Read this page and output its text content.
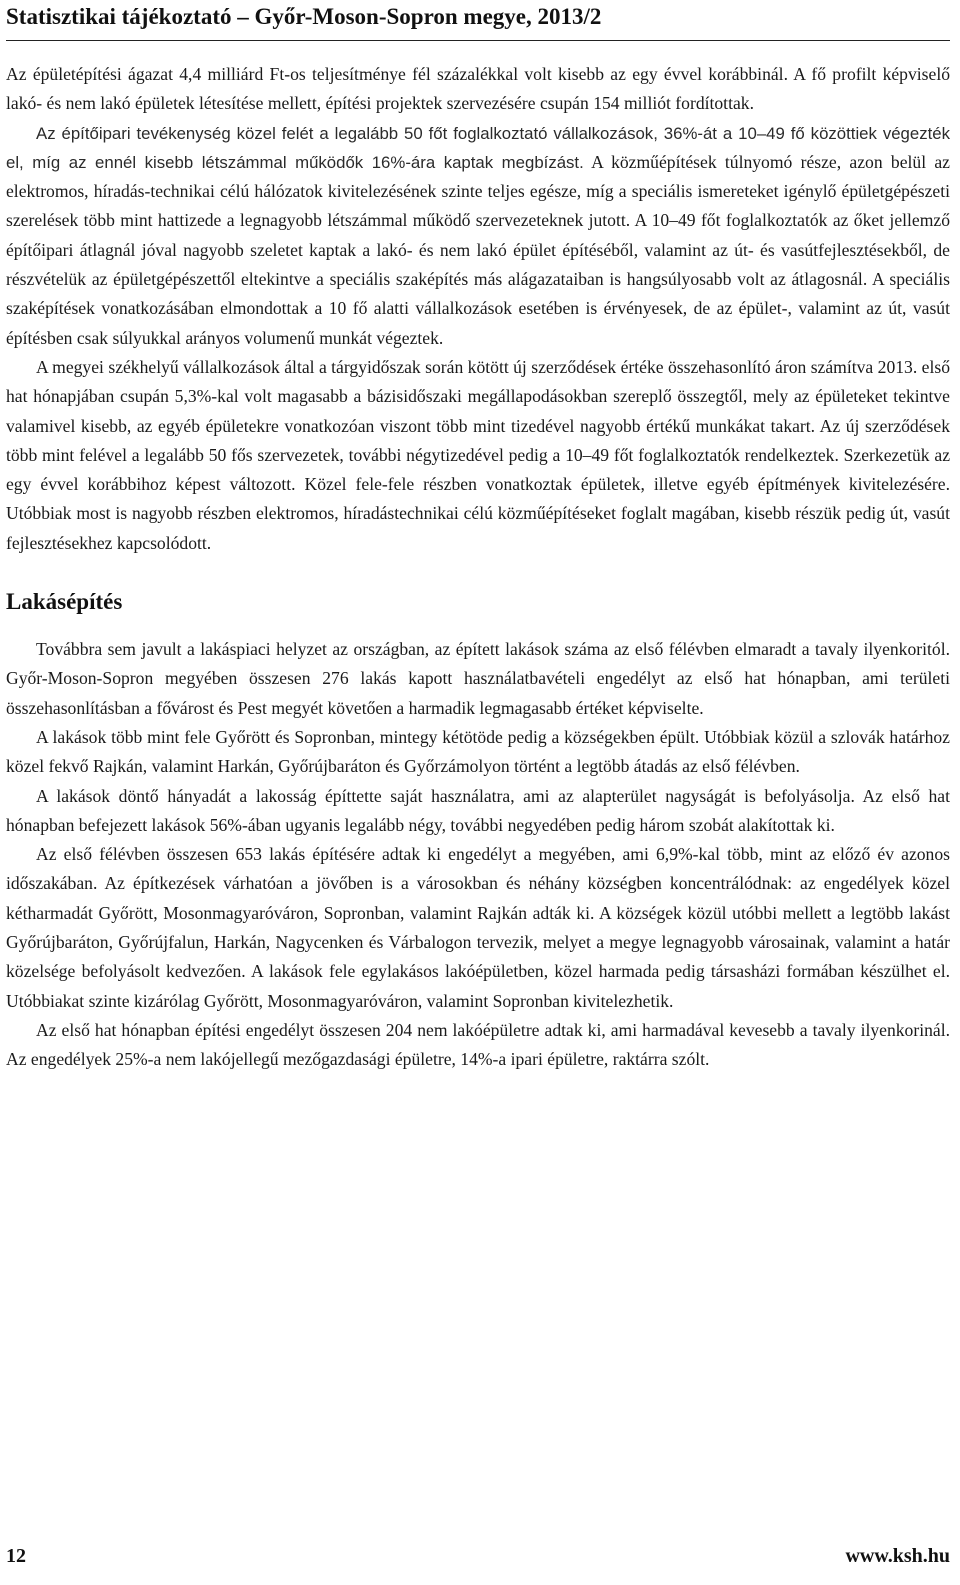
Statisztikai tájékoztató – Győr-Moson-Sopron megye, 2013/2

Az épületépítési ágazat 4,4 milliárd Ft-os teljesítménye fél százalékkal volt kisebb az egy évvel korábbinál. A fő profilt képviselő lakó- és nem lakó épületek létesítése mellett, építési projektek szervezésére csupán 154 milliót fordítottak.

Az építőipari tevékenység közel felét a legalább 50 főt foglalkoztató vállalkozások, 36%-át a 10–49 fő közöttiek végezték el, míg az ennél kisebb létszámmal működők 16%-ára kaptak megbízást. A közműépítések túlnyomó része, azon belül az elektromos, híradás-technikai célú hálózatok kivitelezésének szinte teljes egésze, míg a speciális ismereteket igénylő épületgépészeti szerelések több mint hattizede a legnagyobb létszámmal működő szervezeteknek jutott. A 10–49 főt foglalkoztatók az őket jellemző építőipari átlagnál jóval nagyobb szeletet kaptak a lakó- és nem lakó épület építéséből, valamint az út- és vasútfejlesztésekből, de részvételük az épületgépészettől eltekintve a speciális szaképítés más alágazataiban is hangsúlyosabb volt az átlagosnál. A speciális szaképítések vonatkozásában elmondottak a 10 fő alatti vállalkozások esetében is érvényesek, de az épület-, valamint az út, vasút építésben csak súlyukkal arányos volumenű munkát végeztek.

A megyei székhelyű vállalkozások által a tárgyidőszak során kötött új szerződések értéke összehasonlító áron számítva 2013. első hat hónapjában csupán 5,3%-kal volt magasabb a bázisidőszaki megállapodásokban szereplő összegtől, mely az épületeket tekintve valamivel kisebb, az egyéb épületekre vonatkozóan viszont több mint tizedével nagyobb értékű munkákat takart. Az új szerződések több mint felével a legalább 50 fős szervezetek, további négytizedével pedig a 10–49 főt foglalkoztatók rendelkeztek. Szerkezetük az egy évvel korábbihoz képest változott. Közel fele-fele részben vonatkoztak épületek, illetve egyéb építmények kivitelezésére. Utóbbiak most is nagyobb részben elektromos, híradástechnikai célú közműépítéseket foglalt magában, kisebb részük pedig út, vasút fejlesztésekhez kapcsolódott.

Lakásépítés

Továbbra sem javult a lakáspiaci helyzet az országban, az épített lakások száma az első félévben elmaradt a tavaly ilyenkoritól. Győr-Moson-Sopron megyében összesen 276 lakás kapott használatbavételi engedélyt az első hat hónapban, ami területi összehasonlításban a fővárost és Pest megyét követően a harmadik legmagasabb értéket képviselte.

A lakások több mint fele Győrött és Sopronban, mintegy kétötöde pedig a községekben épült. Utóbbiak közül a szlovák határhoz közel fekvő Rajkán, valamint Harkán, Győrújbaráton és Győrzámolyon történt a legtöbb átadás az első félévben.

A lakások döntő hányadát a lakosság építtette saját használatra, ami az alapterület nagyságát is befolyásolja. Az első hat hónapban befejezett lakások 56%-ában ugyanis legalább négy, további negyedében pedig három szobát alakítottak ki.

Az első félévben összesen 653 lakás építésére adtak ki engedélyt a megyében, ami 6,9%-kal több, mint az előző év azonos időszakában. Az építkezések várhatóan a jövőben is a városokban és néhány községben koncentrálódnak: az engedélyek közel kétharmadát Győrött, Mosonmagyaróváron, Sopronban, valamint Rajkán adták ki. A községek közül utóbbi mellett a legtöbb lakást Győrújbaráton, Győrújfalun, Harkán, Nagycenken és Várbalogon tervezik, melyet a megye legnagyobb városainak, valamint a határ közelsége befolyásolt kedvezően. A lakások fele egylakásos lakóépületben, közel harmada pedig társasházi formában készülhet el. Utóbbiakat szinte kizárólag Győrött, Mosonmagyaróváron, valamint Sopronban kivitelezhetik.

Az első hat hónapban építési engedélyt összesen 204 nem lakóépületre adtak ki, ami harmadával kevesebb a tavaly ilyenkorinál. Az engedélyek 25%-a nem lakójellegű mezőgazdasági épületre, 14%-a ipari épületre, raktárra szólt.

12	www.ksh.hu
